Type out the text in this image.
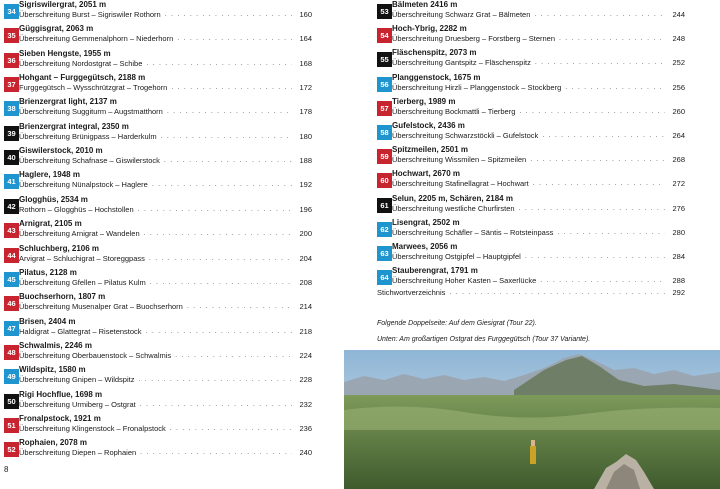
34
Sigriswilergrat, 2051 m
Überschreitung Burst – Sigriswiler Rothorn . . .	160
35
Güggisgrat, 2063 m
Überschreitung Gemmenalphorn – Niederhorn . . .	164
36
Sieben Hengste, 1955 m
Überschreitung Nordostgrat – Schibe . . .	168
37
Hohgant – Furggegütsch, 2188 m
Furggegütsch – Wysschrützgrat – Trogehorn . . .	172
38
Brienzergrat light, 2137 m
Überschreitung Suggiturm – Augstmatthorn . . .	178
39
Brienzergrat integral, 2350 m
Überschreitung Brünigpass – Harderkulm . . .	180
40
Giswilerstock, 2010 m
Überschreitung Schafnase – Giswilerstock . . .	188
41
Haglere, 1948 m
Überschreitung Nünalpstock – Haglere . . .	192
42
Glogghüs, 2534 m
Rothorn – Glogghüs – Hochstollen . . .	196
43
Arnigrat, 2105 m
Überschreitung Arnigrat – Wandelen . . .	200
44
Schluchberg, 2106 m
Arvigrat – Schluchigrat – Storeggpass . . .	204
45
Pilatus, 2128 m
Überschreitung Gfellen – Pilatus Kulm . . .	208
46
Buochserhorn, 1807 m
Überschreitung Musenalper Grat – Buochserhorn . . .	214
47
Brisen, 2404 m
Haldigrat – Glattegrat – Risetenstock . . .	218
48
Schwalmis, 2246 m
Überschreitung Oberbauenstock – Schwalmis . . .	224
49
Wildspitz, 1580 m
Überschreitung Gnipen – Wildspitz . . .	228
50
Rigi Hochflue, 1698 m
Überschreitung Urmiberg – Ostgrat . . .	232
51
Fronalpstock, 1921 m
Überschreitung Klingenstock – Fronalpstock . . .	236
52
Rophaien, 2078 m
Überschreitung Diepen – Rophaien . . .	240
Stichwortverzeichnis . . .	292
Folgende Doppelseite: Auf dem Giesigrat (Tour 22).
Unten: Am großartigen Ostgrat des Furggegütsch (Tour 37 Variante).
53
Bälmeten 2416 m
Überschreitung Schwarz Grat – Bälmeten . . .	244
54
Hoch-Ybrig, 2282 m
Überschreitung Druesberg – Forstberg – Sternen . . .	248
55
Fläschenspitz, 2073 m
Überschreitung Gantspitz – Fläschenspitz . . .	252
56
Planggenstock, 1675 m
Überschreitung Hirzli – Planggenstock – Stockberg . . .	256
57
Tierberg, 1989 m
Überschreitung Bockmattli – Tierberg . . .	260
58
Gufelstock, 2436 m
Überschreitung Schwarzstöckli – Gufelstock . . .	264
59
Spitzmeilen, 2501 m
Überschreitung Wissmilen – Spitzmeilen . . .	268
60
Hochwart, 2670 m
Überschreitung Stafinellagrat – Hochwart . . .	272
61
Selun, 2205 m, Schären, 2184 m
Überschreitung westliche Churfirsten . . .	276
62
Lisengrat, 2502 m
Überschreitung Schäfler – Säntis – Rotsteinpass . . .	280
63
Marwees, 2056 m
Überschreitung Ostgipfel – Hauptgipfel . . .	284
64
Stauberengrat, 1791 m
Überschreitung Hoher Kasten – Saxerlücke . . .	288
8
